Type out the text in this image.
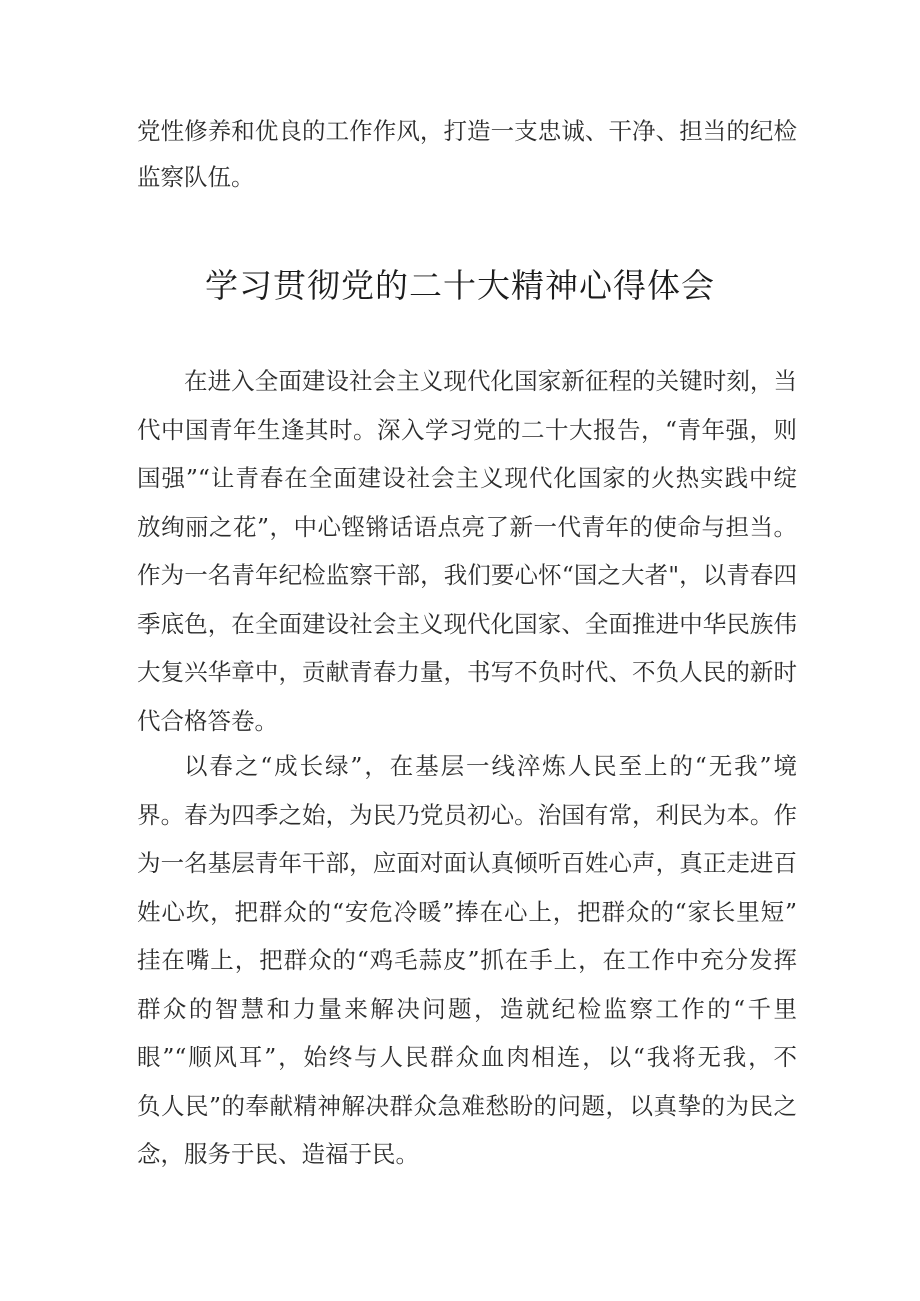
党性修养和优良的工作作风，打造一支忠诚、干净、担当的纪检
监察队伍。
学习贯彻党的二十大精神心得体会
在进入全面建设社会主义现代化国家新征程的关键时刻，当
代中国青年生逢其时。深入学习党的二十大报告，“青年强，则
国强”“让青春在全面建设社会主义现代化国家的火热实践中绽
放绚丽之花”，中心铿锵话语点亮了新一代青年的使命与担当。
作为一名青年纪检监察干部，我们要心怀“国之大者"，以青春四
季底色，在全面建设社会主义现代化国家、全面推进中华民族伟
大复兴华章中，贡献青春力量，书写不负时代、不负人民的新时
代合格答卷。
以春之“成长绿”，在基层一线淬炼人民至上的“无我”境
界。春为四季之始，为民乃党员初心。治国有常，利民为本。作
为一名基层青年干部，应面对面认真倾听百姓心声，真正走进百
姓心坎，把群众的“安危冷暖”捧在心上，把群众的“家长里短”
挂在嘴上，把群众的“鸡毛蒜皮”抓在手上，在工作中充分发挥
群众的智慧和力量来解决问题，造就纪检监察工作的“千里
眼”“顺风耳”，始终与人民群众血肉相连，以“我将无我，不
负人民”的奉献精神解决群众急难愁盼的问题，以真挚的为民之
念，服务于民、造福于民。
